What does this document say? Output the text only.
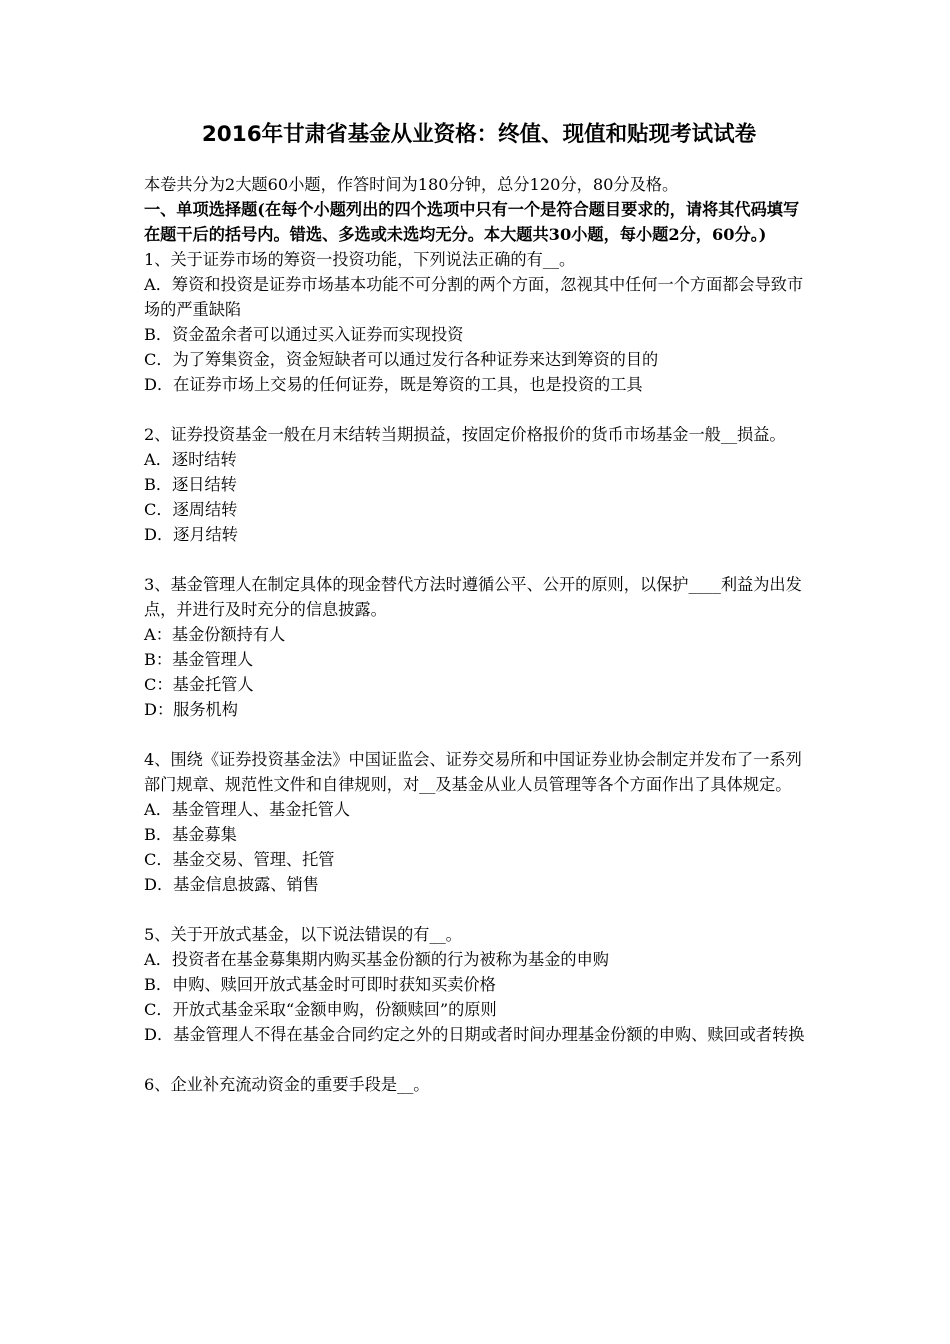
2016年甘肃省基金从业资格：终值、现值和贴现考试试卷
本卷共分为2大题60小题，作答时间为180分钟，总分120分，80分及格。
一、单项选择题(在每个小题列出的四个选项中只有一个是符合题目要求的，请将其代码填写在题干后的括号内。错选、多选或未选均无分。本大题共30小题，每小题2分，60分。)
1、关于证券市场的筹资一投资功能，下列说法正确的有__。
A．筹资和投资是证券市场基本功能不可分割的两个方面，忽视其中任何一个方面都会导致市场的严重缺陷
B．资金盈余者可以通过买入证券而实现投资
C．为了筹集资金，资金短缺者可以通过发行各种证券来达到筹资的目的
D．在证券市场上交易的任何证券，既是筹资的工具，也是投资的工具
2、证券投资基金一般在月末结转当期损益，按固定价格报价的货币市场基金一般__损益。
A．逐时结转
B．逐日结转
C．逐周结转
D．逐月结转
3、基金管理人在制定具体的现金替代方法时遵循公平、公开的原则，以保护____利益为出发点，并进行及时充分的信息披露。
A：基金份额持有人
B：基金管理人
C：基金托管人
D：服务机构
4、围绕《证券投资基金法》中国证监会、证券交易所和中国证券业协会制定并发布了一系列部门规章、规范性文件和自律规则，对__及基金从业人员管理等各个方面作出了具体规定。
A．基金管理人、基金托管人
B．基金募集
C．基金交易、管理、托管
D．基金信息披露、销售
5、关于开放式基金，以下说法错误的有__。
A．投资者在基金募集期内购买基金份额的行为被称为基金的申购
B．申购、赎回开放式基金时可即时获知买卖价格
C．开放式基金采取“金额申购，份额赎回”的原则
D．基金管理人不得在基金合同约定之外的日期或者时间办理基金份额的申购、赎回或者转换
6、企业补充流动资金的重要手段是__。
